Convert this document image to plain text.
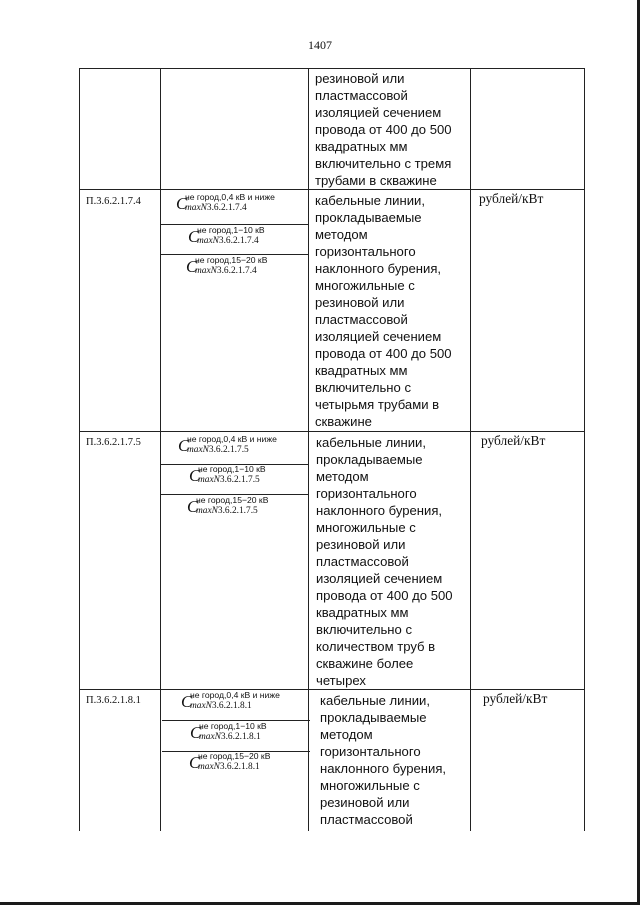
1407
резиновой или
пластмассовой
изоляцией сечением
провода от 400 до 500
квадратных мм
включительно с тремя
трубами в скважине
П.3.6.2.1.7.4 C
не город,0,4 кВ и ниже
maxN3.6.2.1.7.4
C
не город,1−10 кВ
maxN3.6.2.1.7.4
C
не город,15−20 кВ
maxN3.6.2.1.7.4
кабельные линии,
прокладываемые
методом
горизонтального
наклонного бурения,
многожильные с
резиновой или
пластмассовой
изоляцией сечением
провода от 400 до 500
квадратных мм
включительно с
четырьмя трубами в
скважине
рублей/кВт
П.3.6.2.1.7.5 C
не город,0,4 кВ и ниже
maxN3.6.2.1.7.5
C
не город,1−10 кВ
maxN3.6.2.1.7.5
C
не город,15−20 кВ
maxN3.6.2.1.7.5
кабельные линии,
прокладываемые
методом
горизонтального
наклонного бурения,
многожильные с
резиновой или
пластмассовой
изоляцией сечением
провода от 400 до 500
квадратных мм
включительно с
количеством труб в
скважине более
четырех
рублей/кВт
П.3.6.2.1.8.1 C
не город,0,4 кВ и ниже
maxN3.6.2.1.8.1
C
не город,1−10 кВ
maxN3.6.2.1.8.1
C
не город,15−20 кВ
maxN3.6.2.1.8.1
кабельные линии,
прокладываемые
методом
горизонтального
наклонного бурения,
многожильные с
резиновой или
пластмассовой
рублей/кВт
